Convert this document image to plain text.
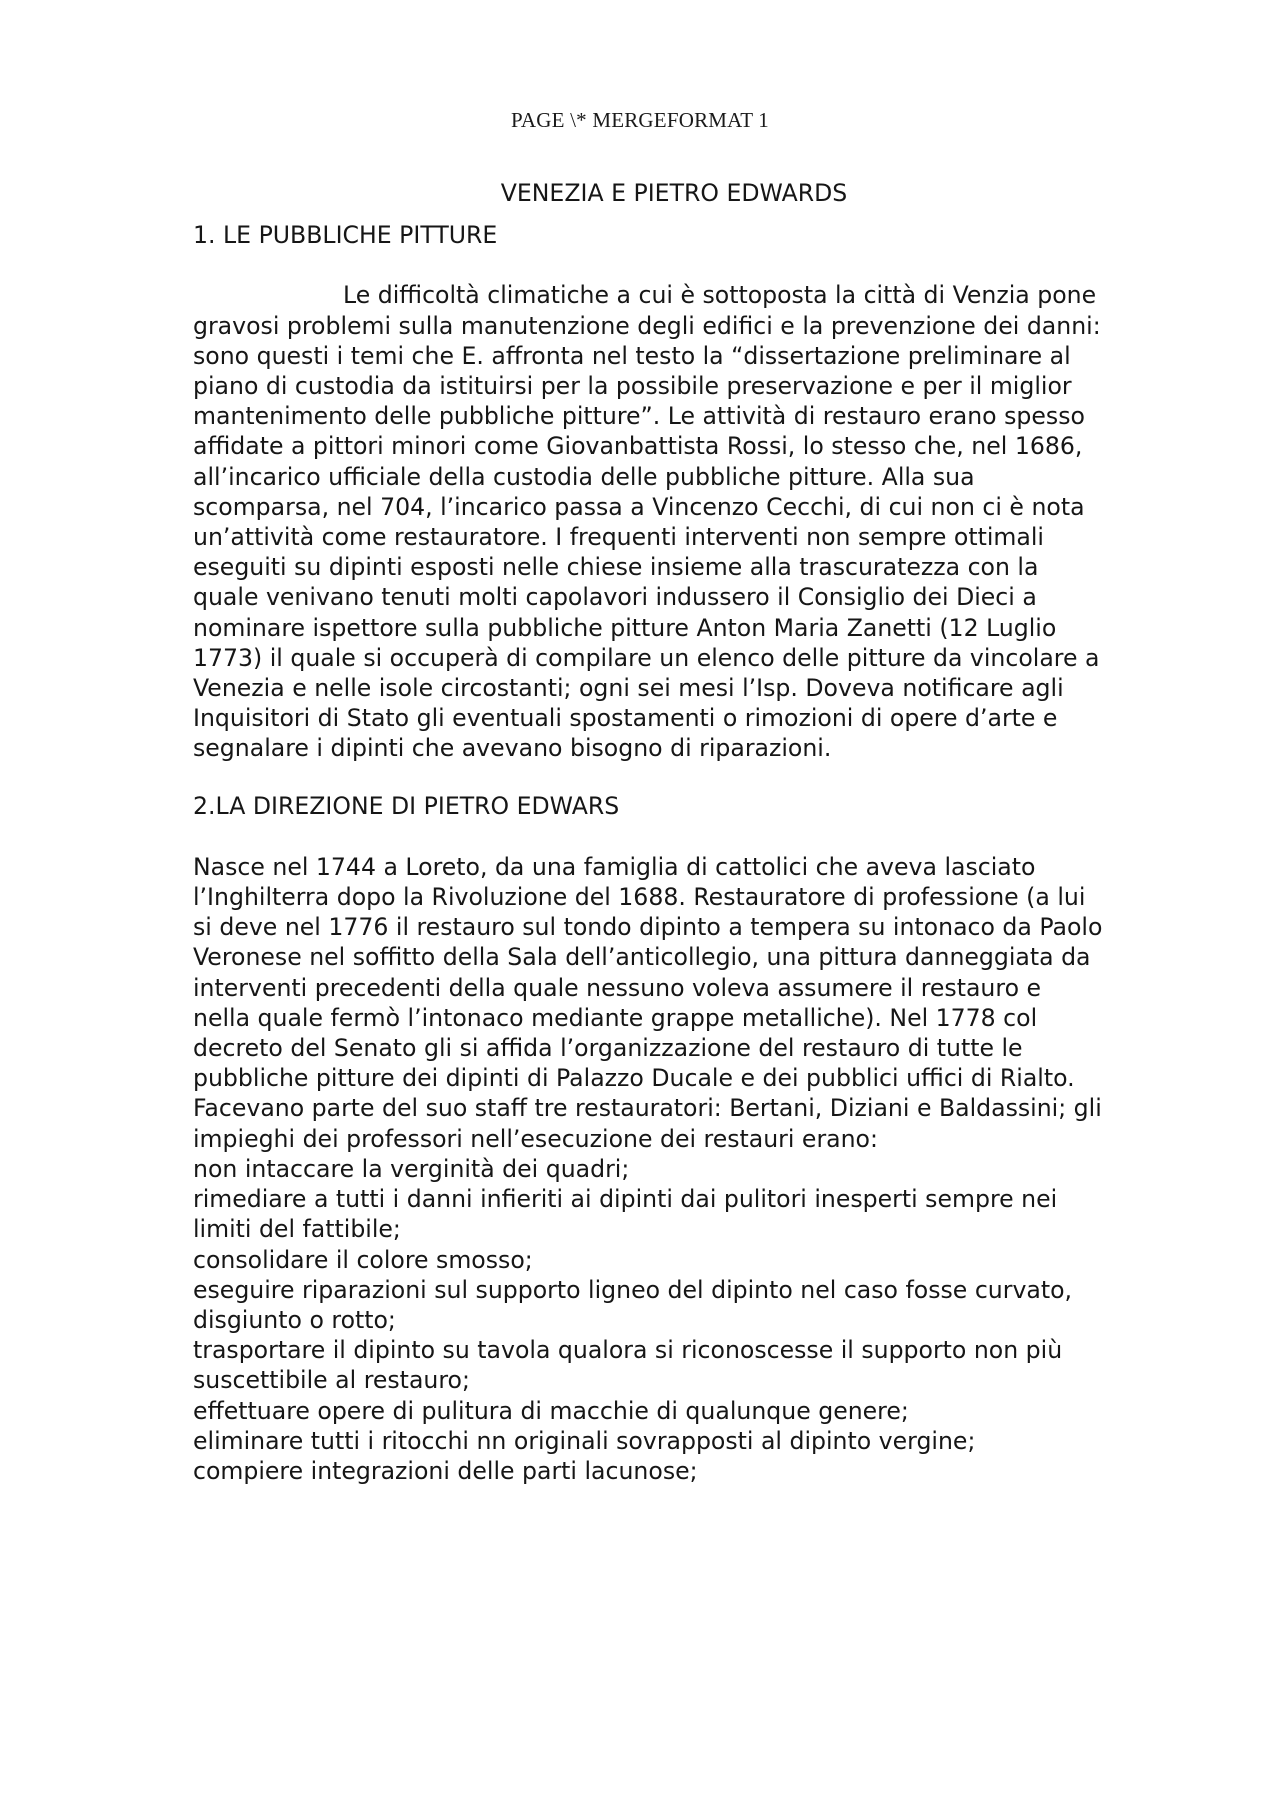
PAGE \* MERGEFORMAT 1
VENEZIA E PIETRO EDWARDS
1. LE PUBBLICHE PITTURE

Le difficoltà climatiche a cui è sottoposta la città di Venzia pone gravosi problemi sulla manutenzione degli edifici e la prevenzione dei danni: sono questi i temi che E. affronta nel testo la “dissertazione preliminare al piano di custodia da istituirsi per la possibile preservazione e per il miglior mantenimento delle pubbliche pitture”. Le attività di restauro erano spesso affidate a pittori minori come Giovanbattista Rossi, lo stesso che, nel 1686, all’incarico ufficiale della custodia delle pubbliche pitture. Alla sua scomparsa, nel 704, l’incarico passa a Vincenzo Cecchi, di cui non ci è nota un’attività come restauratore. I frequenti interventi non sempre ottimali eseguiti su dipinti esposti nelle chiese insieme alla trascuratezza con la quale venivano tenuti molti capolavori indussero il Consiglio dei Dieci a nominare ispettore sulla pubbliche pitture Anton Maria Zanetti (12 Luglio 1773) il quale si occuperà di compilare un elenco delle pitture da vincolare a Venezia e nelle isole circostanti; ogni sei mesi l’Isp. Doveva notificare agli Inquisitori di Stato gli eventuali spostamenti o rimozioni di opere d’arte e segnalare i dipinti che avevano bisogno di riparazioni.

2.LA DIREZIONE DI PIETRO EDWARS

Nasce nel 1744 a Loreto, da una famiglia di cattolici che aveva lasciato l’Inghilterra dopo la Rivoluzione del 1688. Restauratore di professione (a lui si deve nel 1776 il restauro sul tondo dipinto a tempera su intonaco da Paolo Veronese nel soffitto della Sala dell’anticollegio, una pittura danneggiata da interventi precedenti della quale nessuno voleva assumere il restauro e nella quale fermò l’intonaco mediante grappe metalliche). Nel 1778 col decreto del Senato gli si affida l’organizzazione del restauro di tutte le pubbliche pitture dei dipinti di Palazzo Ducale e dei pubblici uffici di Rialto. Facevano parte del suo staff tre restauratori: Bertani, Diziani e Baldassini; gli impieghi dei professori nell’esecuzione dei restauri erano:

non intaccare la verginità dei quadri;
rimediare a tutti i danni infieriti ai dipinti dai pulitori inesperti sempre nei limiti del fattibile;
consolidare il colore smosso;
eseguire riparazioni sul supporto ligneo del dipinto nel caso fosse curvato, disgiunto o rotto;
trasportare il dipinto su tavola qualora si riconoscesse il supporto non più suscettibile al restauro;
effettuare opere di pulitura di macchie di qualunque genere;
eliminare tutti i ritocchi nn originali sovrapposti al dipinto vergine;
compiere integrazioni delle parti lacunose;
